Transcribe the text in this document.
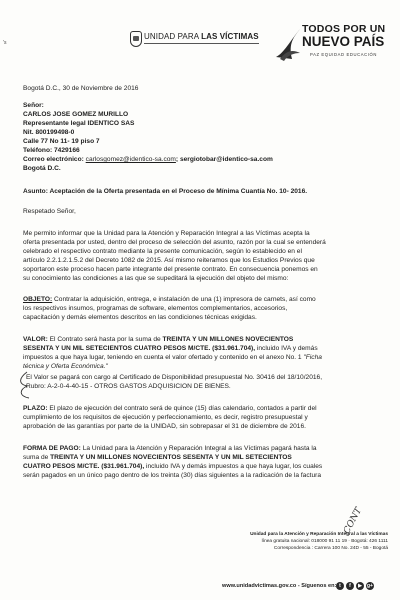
UNIDAD PARA LAS VÍCTIMAS
TODOS POR UN
NUEVO PAÍS
PAZ EQUIDAD EDUCACIÓN
's
Bogotá D.C., 30 de Noviembre de 2016
Señor:
CARLOS JOSE GOMEZ MURILLO
Representante legal IDENTICO SAS
Nit. 800199498-0
Calle 77 No 11- 19 piso 7
Teléfono: 7429166
Correo electrónico: carlosgomez@identico-sa.com; sergiotobar@identico-sa.com
Bogotá D.C.
Asunto: Aceptación de la Oferta presentada en el Proceso de Mínima Cuantía No. 10- 2016.
Respetado Señor,
Me permito informar que la Unidad para la Atención y Reparación Integral a las Víctimas acepta la
oferta presentada por usted, dentro del proceso de selección del asunto, razón por la cual se entenderá
celebrado el respectivo contrato mediante la presente comunicación, según lo establecido en el
artículo 2.2.1.2.1.5.2 del Decreto 1082 de 2015. Así mismo reiteramos que los Estudios Previos que
soportaron este proceso hacen parte integrante del presente contrato. En consecuencia ponemos en
su conocimiento las condiciones a las que se supeditará la ejecución del objeto del mismo:
OBJETO: Contratar la adquisición, entrega, e instalación de una (1) impresora de carnets, así como
los respectivos insumos, programas de software, elementos complementarios, accesorios,
capacitación y demás elementos descritos en las condiciones técnicas exigidas.
VALOR: El Contrato será hasta por la suma de TREINTA Y UN MILLONES NOVECIENTOS
SESENTA Y UN MIL SETECIENTOS CUATRO PESOS M/CTE. ($31.961.704), incluido IVA y demás
impuestos a que haya lugar, teniendo en cuenta el valor ofertado y contenido en el anexo No. 1 "Ficha
técnica y Oferta Económica."
El Valor se pagará con cargo al Certificado de Disponibilidad presupuestal No. 30416 del 18/10/2016,
Rubro: A-2-0-4-40-15 - OTROS GASTOS ADQUISICION DE BIENES.
PLAZO: El plazo de ejecución del contrato será de quince (15) días calendario, contados a partir del
cumplimiento de los requisitos de ejecución y perfeccionamiento, es decir, registro presupuestal y
aprobación de las garantías por parte de la UNIDAD, sin sobrepasar el 31 de diciembre de 2016.
FORMA DE PAGO: La Unidad para la Atención y Reparación Integral a las Víctimas pagará hasta la
suma de TREINTA Y UN MILLONES NOVECIENTOS SESENTA Y UN MIL SETECIENTOS
CUATRO PESOS M/CTE. ($31.961.704), incluido IVA y demás impuestos a que haya lugar, los cuales
serán pagados en un único pago dentro de los treinta (30) días siguientes a la radicación de la factura
CONT
Unidad para la Atención y Reparación Integral a las Víctimas
línea gratuita nacional: 018000 91 11 19 · Bogotá: 426 1111
Correspondencia : Carrera 100 No. 24D - 55 - Bogotá
www.unidadvictimas.gov.co - Síguenos en: t	f	▶	g+
